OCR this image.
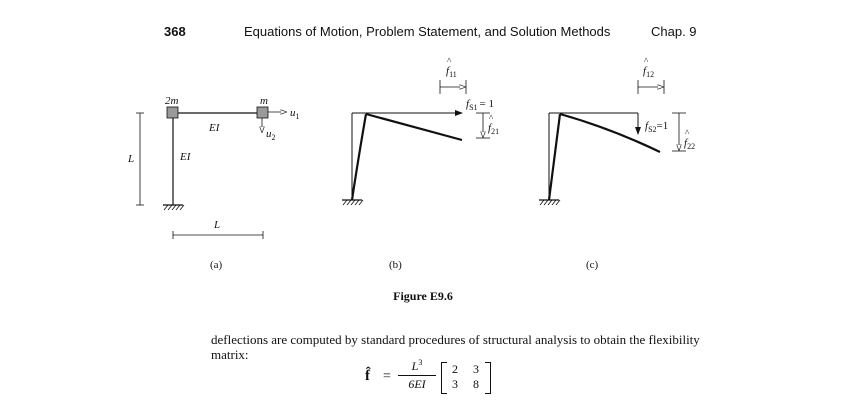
368	Equations of Motion, Problem Statement, and Solution Methods	Chap. 9
2m	m
EI
EI
L
L
$u_1$
$u_2$
(a)
$f_{11}$
^
$f_{S1} = 1$
$f_{21}$
^
(b)
$f_{12}$
^
$f_{S2}=1$
$f_{22}$
^
(c)
Figure E9.6
deflections are computed by standard procedures of structural analysis to obtain the flexibility matrix:
f̂ = $\frac{L^3}{6EI} 2$ 3
3 8
